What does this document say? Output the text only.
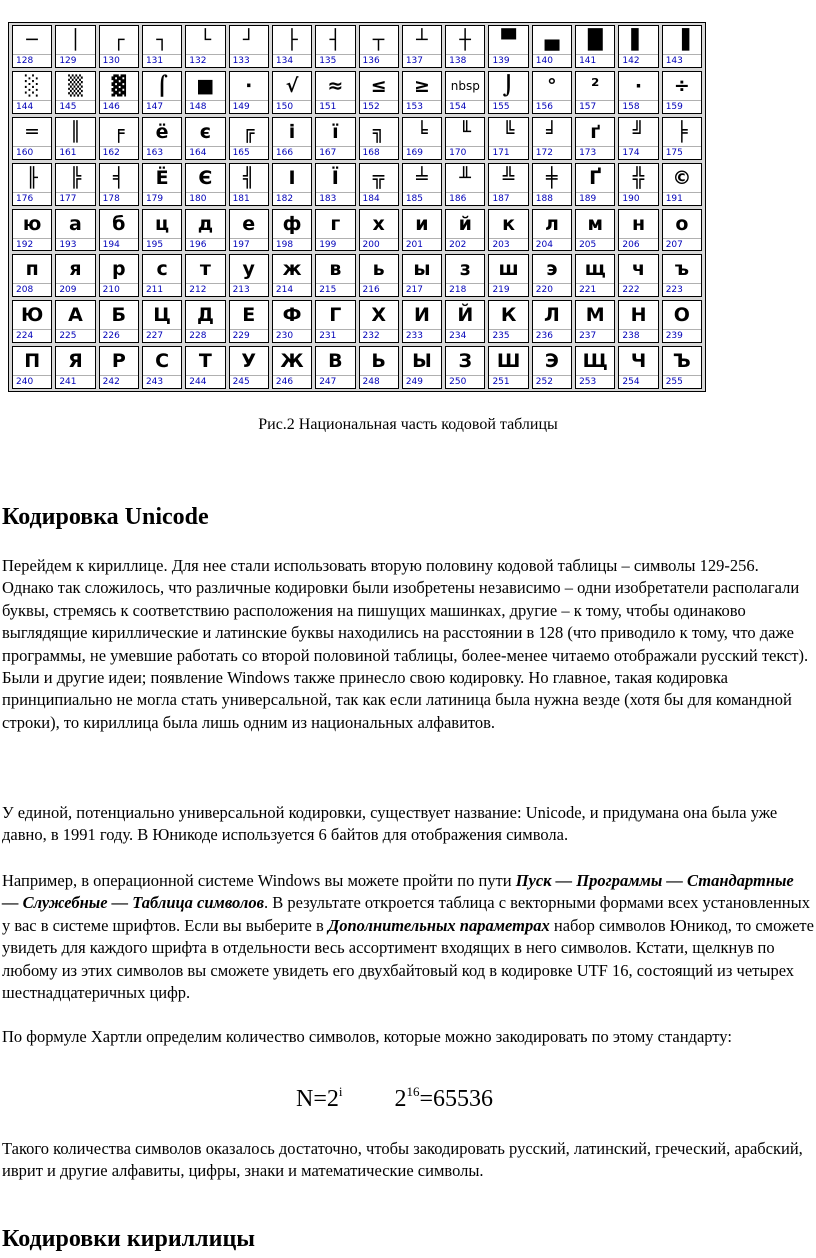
─
128
│
129
┌
130
┐
131
└
132
┘
133
├
134
┤
135
┬
136
┴
137
┼
138
▀
139
▄
140
█
141
▌
142
▐
143
░
144
▒
145
▓
146
⌠
147
■
148
∙
149
√
150
≈
151
≤
152
≥
153
nbsp
154
⌡
155
°
156
²
157
·
158
÷
159
═
160
║
161
╒
162
ё
163
є
164
╔
165
і
166
ї
167
╗
168
╘
169
╙
170
╚
171
╛
172
ґ
173
╝
174
╞
175
╟
176
╠
177
╡
178
Ё
179
Є
180
╣
181
І
182
Ї
183
╦
184
╧
185
╨
186
╩
187
╪
188
Ґ
189
╬
190
©
191
ю
192
а
193
б
194
ц
195
д
196
е
197
ф
198
г
199
х
200
и
201
й
202
к
203
л
204
м
205
н
206
о
207
п
208
я
209
р
210
с
211
т
212
у
213
ж
214
в
215
ь
216
ы
217
з
218
ш
219
э
220
щ
221
ч
222
ъ
223
Ю
224
А
225
Б
226
Ц
227
Д
228
Е
229
Ф
230
Г
231
Х
232
И
233
Й
234
К
235
Л
236
М
237
Н
238
О
239
П
240
Я
241
Р
242
С
243
Т
244
У
245
Ж
246
В
247
Ь
248
Ы
249
З
250
Ш
251
Э
252
Щ
253
Ч
254
Ъ
255
Рис.2 Национальная часть кодовой таблицы
Кодировка Unicode

Перейдем к кириллице. Для нее стали использовать вторую половину кодовой таблицы – символы 129-256. Однако так сложилось, что различные кодировки были изобретены независимо – одни изобретатели располагали буквы, стремясь к соответствию расположения на пишущих машинках, другие – к тому, чтобы одинаково выглядящие кириллические и латинские буквы находились на расстоянии в 128 (что приводило к тому, что даже программы, не умевшие работать со второй половиной таблицы, более-менее читаемо отображали русский текст). Были и другие идеи; появление Windows также принесло свою кодировку. Но главное, такая кодировка принципиально не могла стать универсальной, так как если латиница была нужна везде (хотя бы для командной строки), то кириллица была лишь одним из национальных алфавитов.

У единой, потенциально универсальной кодировки, существует название: Unicode, и придумана она была уже давно, в 1991 году. В Юникоде используется 6 байтов для отображения символа.

Например, в операционной системе Windows вы можете пройти по пути Пуск — Программы — Стандартные — Служебные — Таблица символов. В результате откроется таблица с векторными формами всех установленных у вас в системе шрифтов. Если вы выберите в Дополнительных параметрах набор символов Юникод, то сможете увидеть для каждого шрифта в отдельности весь ассортимент входящих в него символов. Кстати, щелкнув по любому из этих символов вы сможете увидеть его двухбайтовый код в кодировке UTF 16, состоящий из четырех шестнадцатеричных цифр.

По формуле Хартли определим количество символов, которые можно закодировать по этому стандарту:

$N=2^i$ $2^{16}=65536$

Такого количества символов оказалось достаточно, чтобы закодировать русский, латинский, греческий, арабский, иврит и другие алфавиты, цифры, знаки и математические символы.

Кодировки кириллицы
